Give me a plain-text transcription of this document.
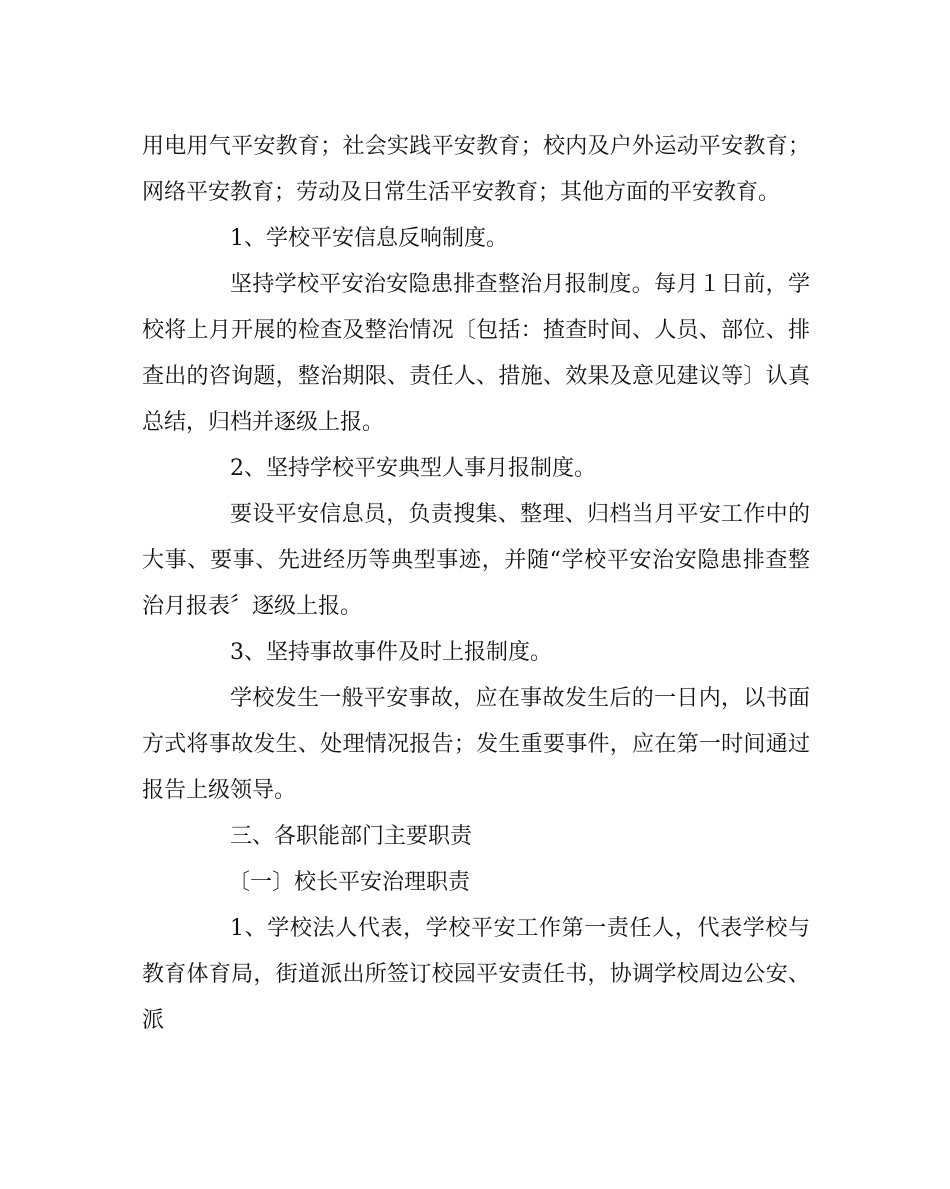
用电用气平安教育；社会实践平安教育；校内及户外运动平安教育；网络平安教育；劳动及日常生活平安教育；其他方面的平安教育。

1、学校平安信息反响制度。

坚持学校平安治安隐患排查整治月报制度。每月１日前，学校将上月开展的检查及整治情况〔包括：揸查时间、人员、部位、排查出的咨询题，整治期限、责任人、措施、效果及意见建议等〕认真总结，归档并逐级上报。

2、坚持学校平安典型人事月报制度。

要设平安信息员，负责搜集、整理、归档当月平安工作中的大事、要事、先进经历等典型事迹，并随“学校平安治安隐患排查整治月报表〞逐级上报。

3、坚持事故事件及时上报制度。

学校发生一般平安事故，应在事故发生后的一日内，以书面方式将事故发生、处理情况报告；发生重要事件，应在第一时间通过报告上级领导。

三、各职能部门主要职责

〔一〕校长平安治理职责

1、学校法人代表，学校平安工作第一责任人，代表学校与教育体育局，街道派出所签订校园平安责任书，协调学校周边公安、派
